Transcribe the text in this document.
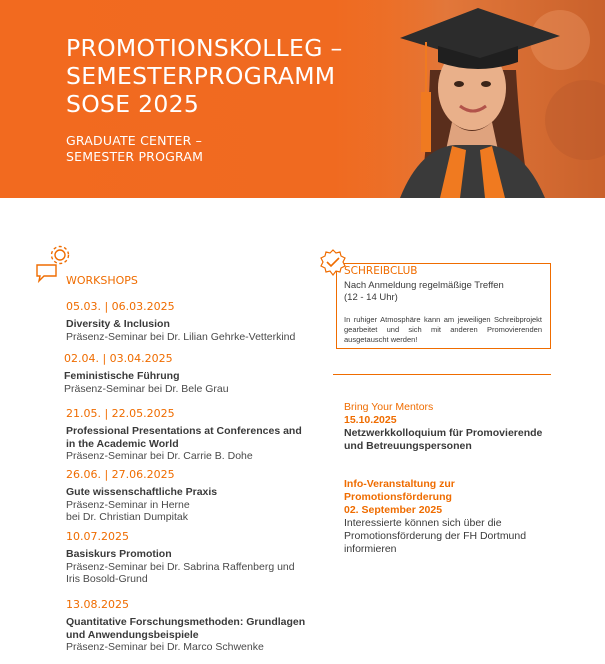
PROMOTIONSKOLLEG –
SEMESTERPROGRAMM
SOSE 2025
GRADUATE CENTER –
SEMESTER PROGRAM
WORKSHOPS
05.03. | 06.03.2025
Diversity & Inclusion
Präsenz-Seminar bei Dr. Lilian Gehrke-Vetterkind
02.04. | 03.04.2025
Feministische Führung
Präsenz-Seminar bei Dr. Bele Grau
21.05. | 22.05.2025
Professional Presentations at Conferences and in the Academic World
Präsenz-Seminar bei Dr. Carrie B. Dohe
26.06. | 27.06.2025
Gute wissenschaftliche Praxis
Präsenz-Seminar in Herne
bei Dr. Christian Dumpitak
10.07.2025
Basiskurs Promotion
Präsenz-Seminar bei Dr. Sabrina Raffenberg und Iris Bosold-Grund
13.08.2025
Quantitative Forschungsmethoden: Grundlagen und Anwendungsbeispiele
Präsenz-Seminar bei Dr. Marco Schwenke
SCHREIBCLUB
Nach Anmeldung regelmäßige Treffen
(12 - 14 Uhr)
In ruhiger Atmosphäre kann am jeweiligen Schreibprojekt gearbeitet und sich mit anderen Promovierenden ausgetauscht werden!
Bring Your Mentors
15.10.2025
Netzwerkkolloquium für Promovierende und Betreuungspersonen
Info-Veranstaltung zur Promotionsförderung
02. September 2025
Interessierte können sich über die Promotionsförderung der FH Dortmund informieren
